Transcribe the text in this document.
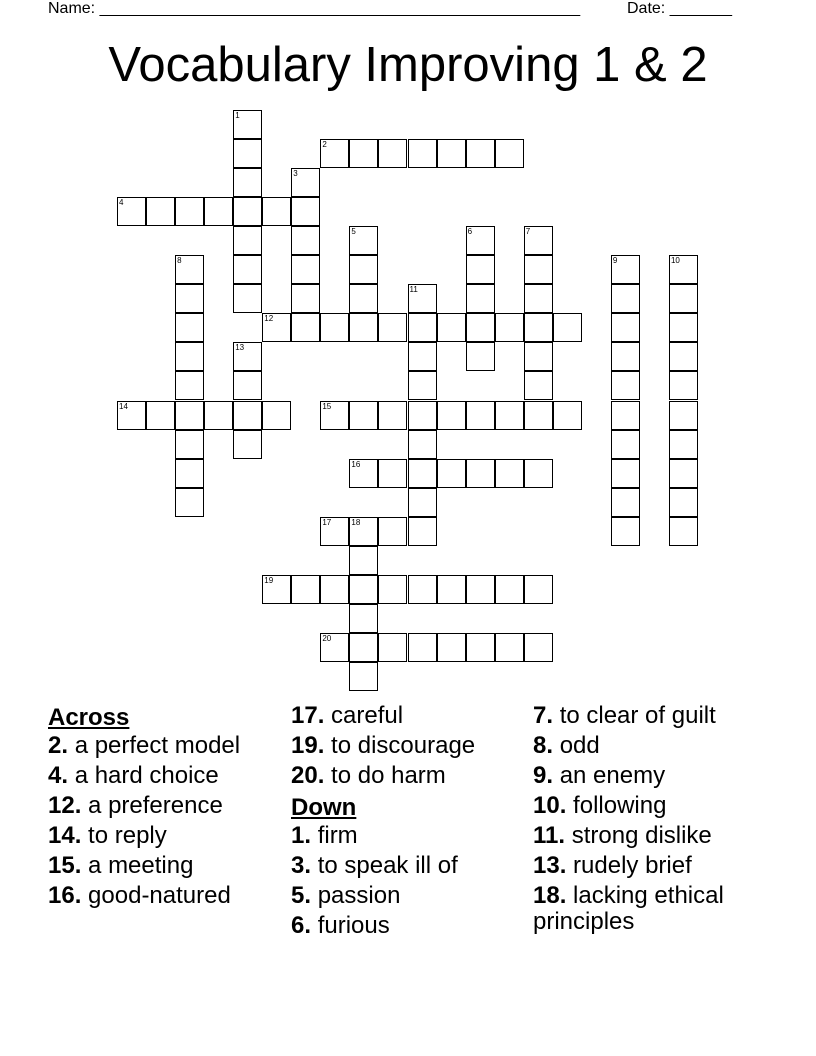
Name: ______________________________________________________	Date: _______
Vocabulary Improving 1 & 2
1
2
3
4
5	6	7
8	9	10
11
12
13
14	15
16
17	18
19
20
Across
2. a perfect model
4. a hard choice
12. a preference
14. to reply
15. a meeting
16. good-natured
17. careful
19. to discourage
20. to do harm
Down
1. firm
3. to speak ill of
5. passion
6. furious
7. to clear of guilt
8. odd
9. an enemy
10. following
11. strong dislike
13. rudely brief
18. lacking ethical principles
